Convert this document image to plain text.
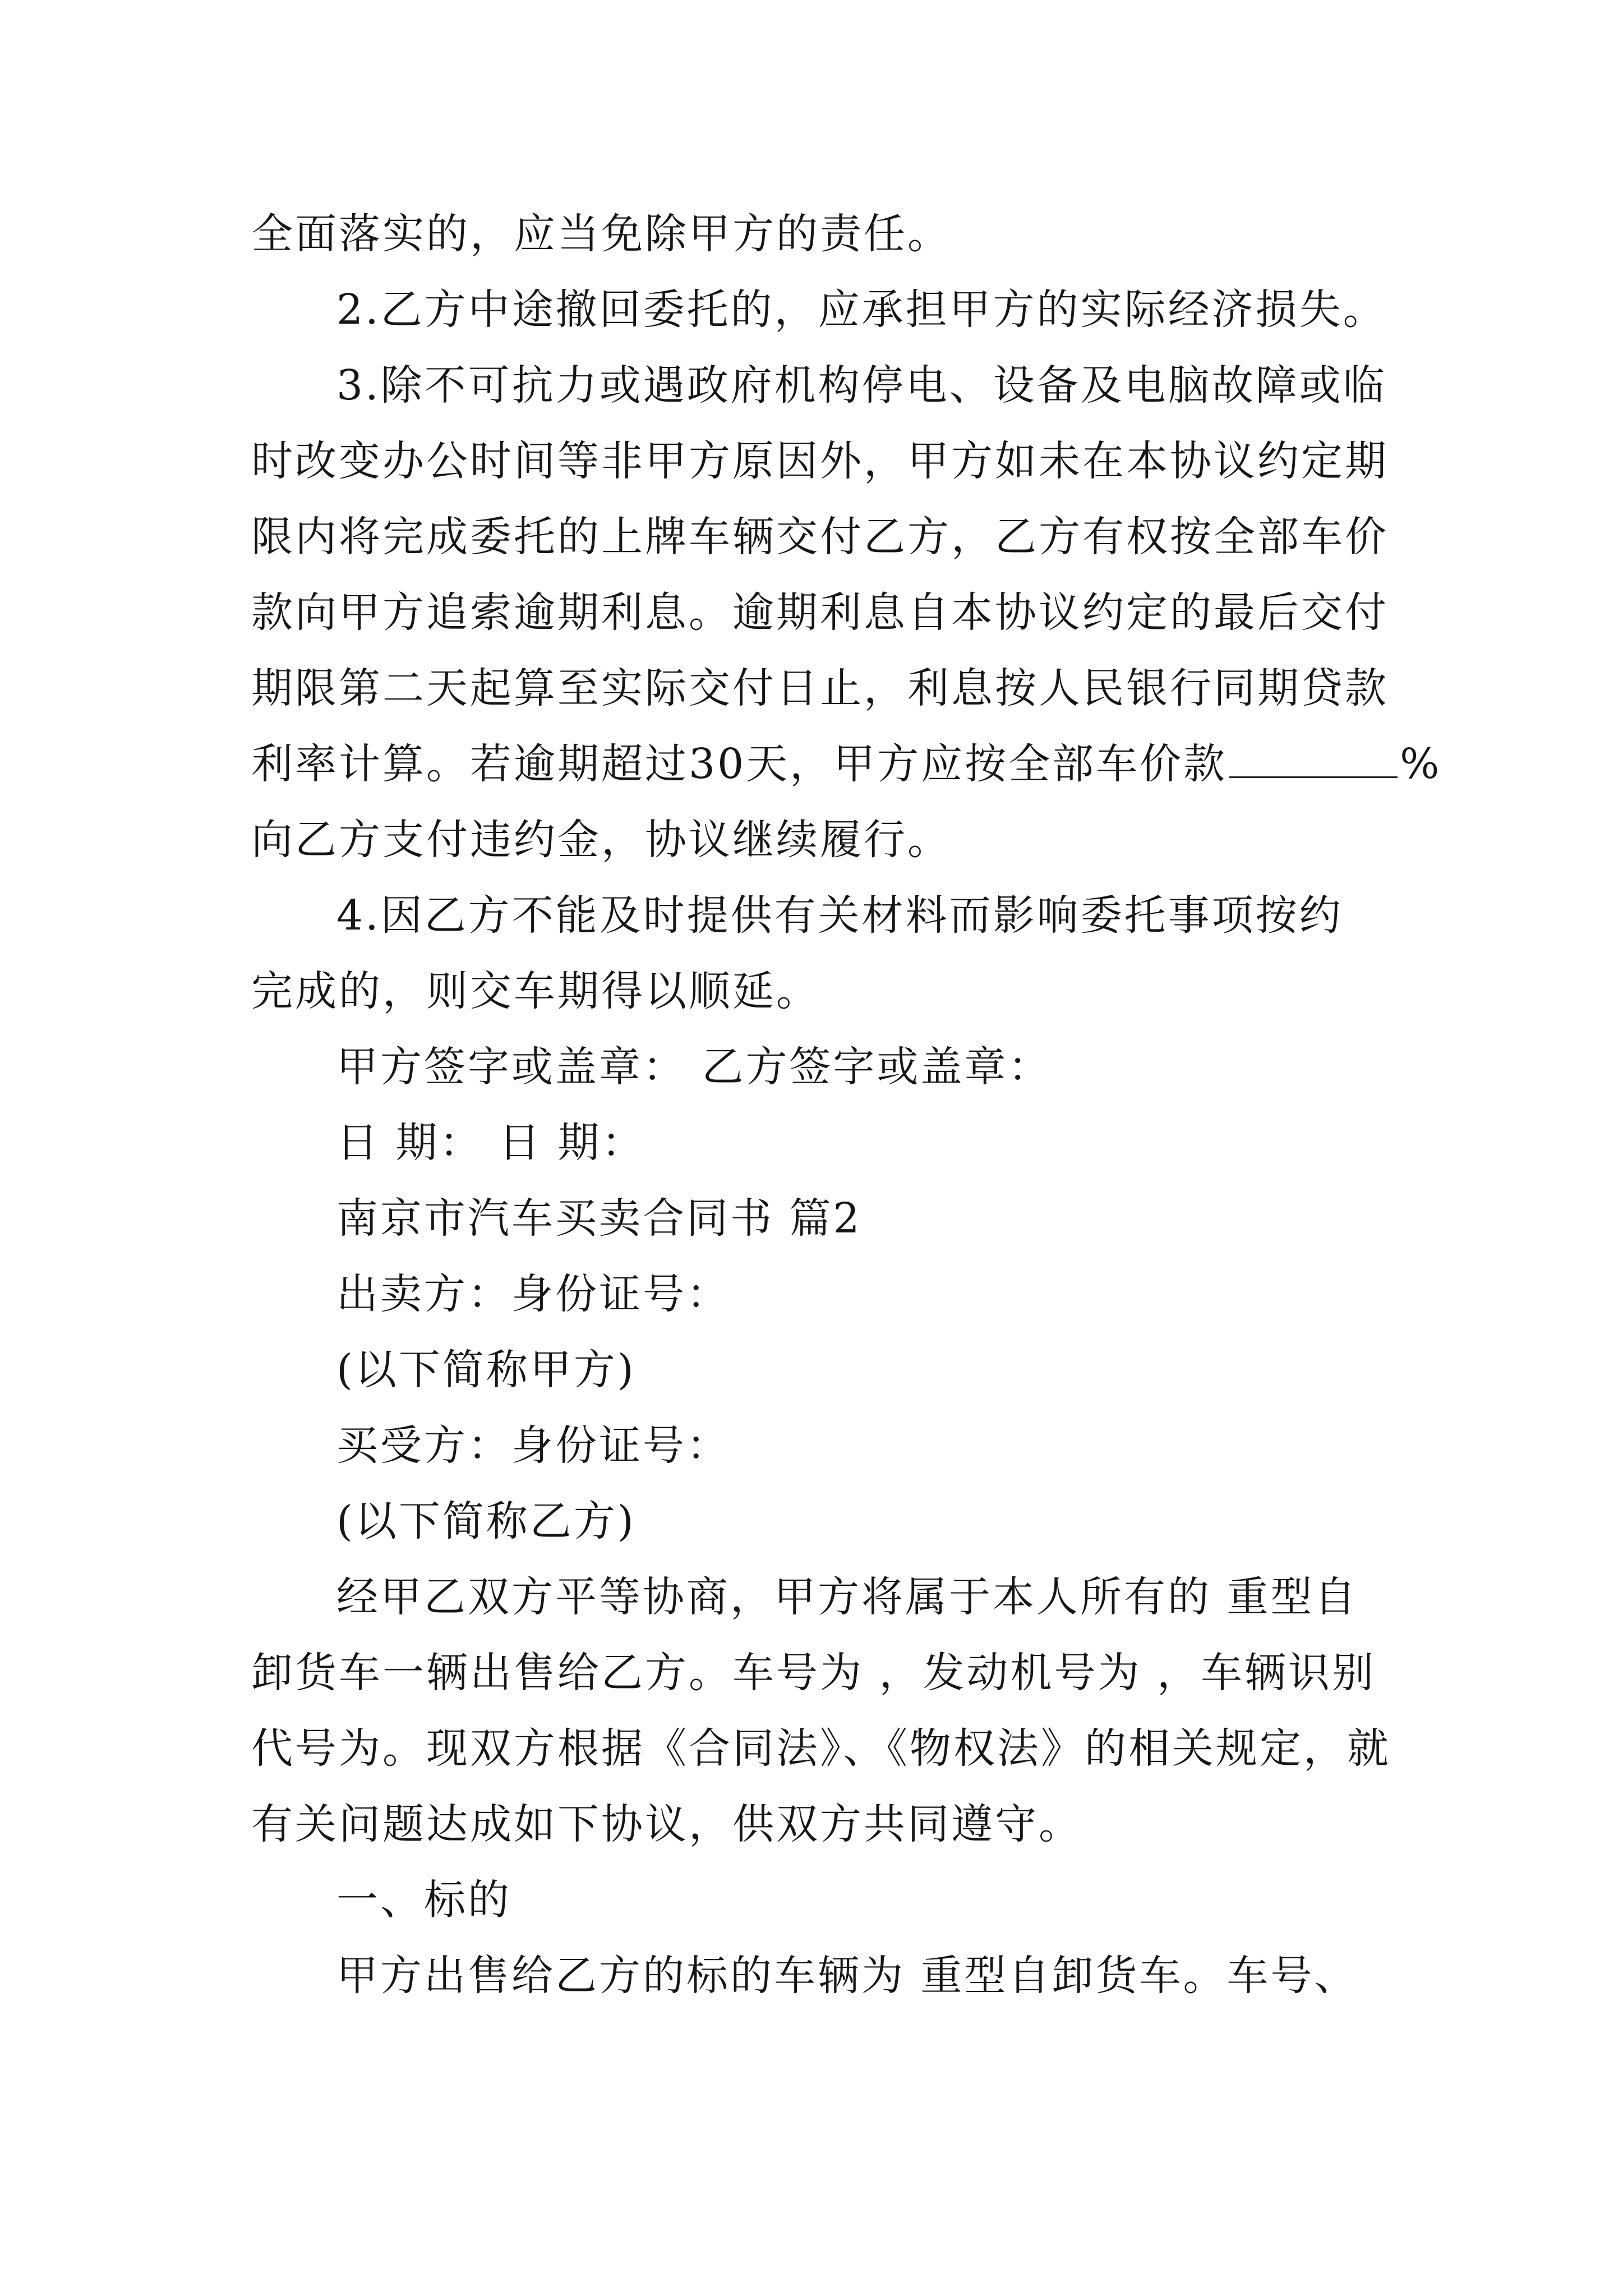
全面落实的，应当免除甲方的责任。
2.乙方中途撤回委托的，应承担甲方的实际经济损失。
3.除不可抗力或遇政府机构停电、设备及电脑故障或临
时改变办公时间等非甲方原因外，甲方如未在本协议约定期
限内将完成委托的上牌车辆交付乙方，乙方有权按全部车价
款向甲方追索逾期利息。逾期利息自本协议约定的最后交付
期限第二天起算至实际交付日止，利息按人民银行同期贷款
利率计算。若逾期超过30天，甲方应按全部车价款	%
向乙方支付违约金，协议继续履行。
4.因乙方不能及时提供有关材料而影响委托事项按约
完成的，则交车期得以顺延。
甲方签字或盖章： 乙方签字或盖章：
日 期： 日 期：
南京市汽车买卖合同书 篇2
出卖方：身份证号：
(以下简称甲方)
买受方：身份证号：
(以下简称乙方)
经甲乙双方平等协商，甲方将属于本人所有的 重型自
卸货车一辆出售给乙方。车号为 ，发动机号为 ，车辆识别
代号为。现双方根据《合同法》、《物权法》的相关规定，就
有关问题达成如下协议，供双方共同遵守。
一、标的
甲方出售给乙方的标的车辆为 重型自卸货车。车号、
